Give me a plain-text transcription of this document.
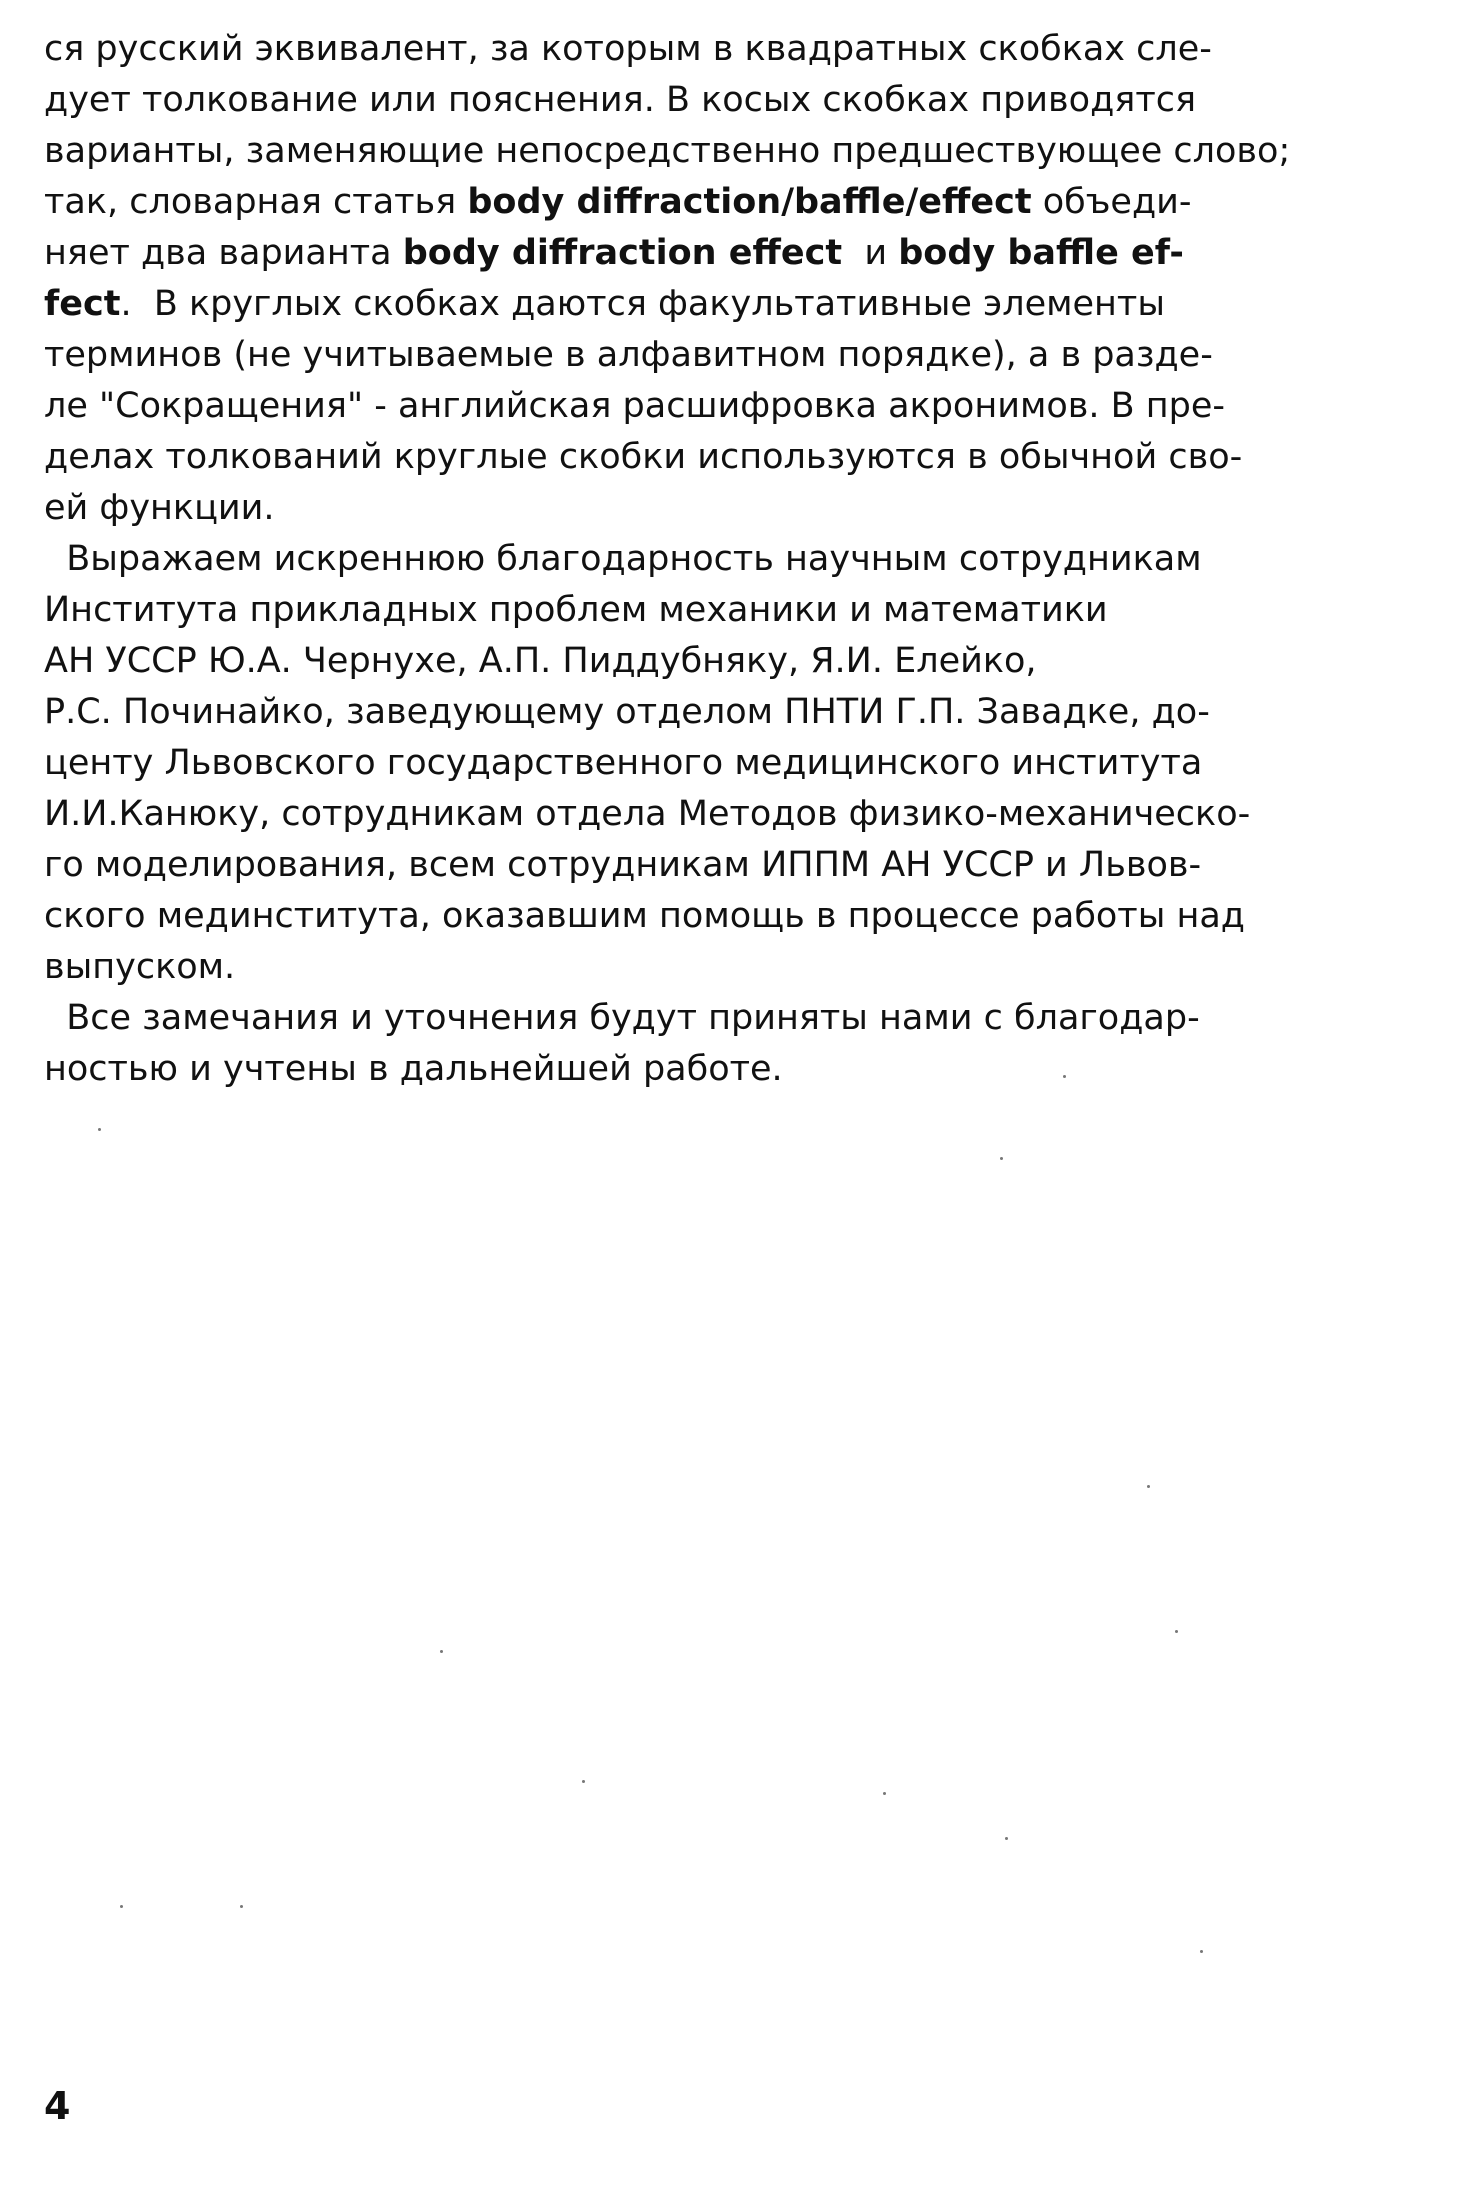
ся русский эквивалент, за которым в квадратных скобках сле-
дует толкование или пояснения. В косых скобках приводятся
варианты, заменяющие непосредственно предшествующее слово;
так, словарная статья body diffraction/baffle/effect объеди-
няет два варианта body diffraction effect  и body baffle ef-
fect.  В круглых скобках даются факультативные элементы
терминов (не учитываемые в алфавитном порядке), а в разде-
ле "Сокращения" - английская расшифровка акронимов. В пре-
делах толкований круглые скобки используются в обычной сво-
ей функции.
Выражаем искреннюю благодарность научным сотрудникам
Института прикладных проблем механики и математики
АН УССР Ю.А. Чернухе, А.П. Пиддубняку, Я.И. Елейко,
Р.С. Починайко, заведующему отделом ПНТИ Г.П. Завадке, до-
центу Львовского государственного медицинского института
И.И.Канюку, сотрудникам отдела Методов физико-механическо-
го моделирования, всем сотрудникам ИППМ АН УССР и Львов-
ского мединститута, оказавшим помощь в процессе работы над
выпуском.
Все замечания и уточнения будут приняты нами с благодар-
ностью и учтены в дальнейшей работе.
4
